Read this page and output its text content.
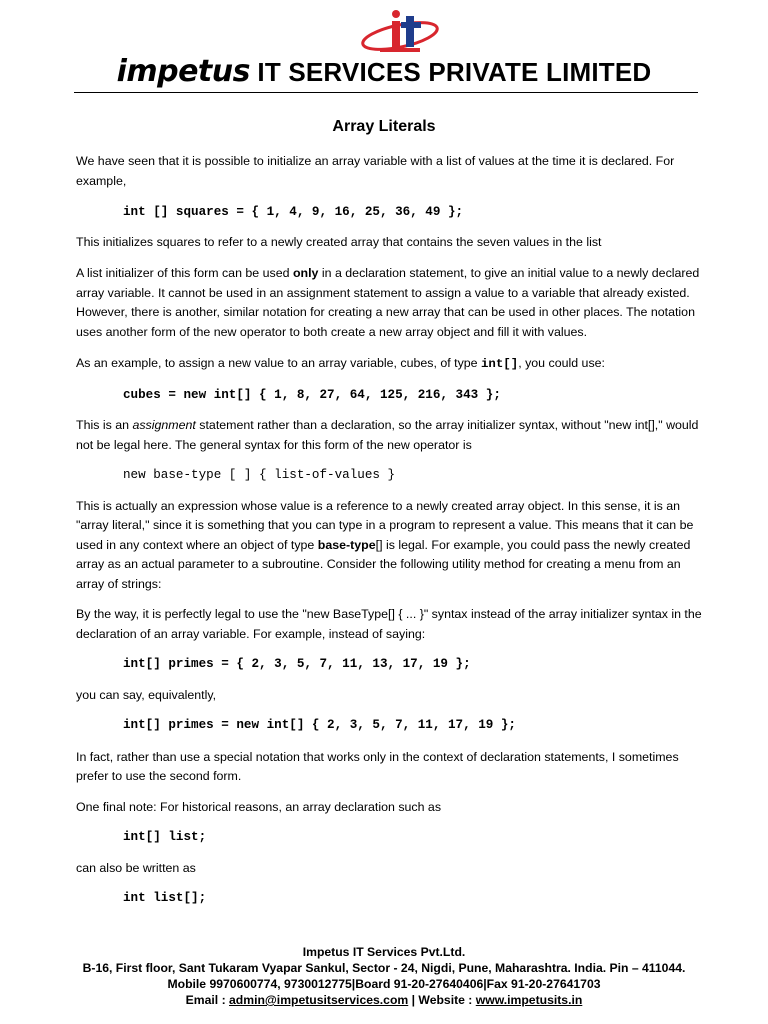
impetus IT SERVICES PRIVATE LIMITED
Array Literals

We have seen that it is possible to initialize an array variable with a list of values at the time it is declared. For example,

int [] squares = { 1, 4, 9, 16, 25, 36, 49 };

This initializes squares to refer to a newly created array that contains the seven values in the list

A list initializer of this form can be used only in a declaration statement, to give an initial value to a newly declared array variable. It cannot be used in an assignment statement to assign a value to a variable that already existed. However, there is another, similar notation for creating a new array that can be used in other places. The notation uses another form of the new operator to both create a new array object and fill it with values.

As an example, to assign a new value to an array variable, cubes, of type int[], you could use:

cubes = new int[] { 1, 8, 27, 64, 125, 216, 343 };

This is an assignment statement rather than a declaration, so the array initializer syntax, without "new int[]," would not be legal here. The general syntax for this form of the new operator is

new base-type [ ] { list-of-values }

This is actually an expression whose value is a reference to a newly created array object. In this sense, it is an "array literal," since it is something that you can type in a program to represent a value. This means that it can be used in any context where an object of type base-type[] is legal. For example, you could pass the newly created array as an actual parameter to a subroutine. Consider the following utility method for creating a menu from an array of strings:

By the way, it is perfectly legal to use the "new BaseType[] { ... }" syntax instead of the array initializer syntax in the declaration of an array variable. For example, instead of saying:

int[] primes = { 2, 3, 5, 7, 11, 13, 17, 19 };

you can say, equivalently,

int[] primes = new int[] { 2, 3, 5, 7, 11, 17, 19 };

In fact, rather than use a special notation that works only in the context of declaration statements, I sometimes prefer to use the second form.

One final note: For historical reasons, an array declaration such as

int[] list;

can also be written as

int list[];

Impetus IT Services Pvt.Ltd.
B-16, First floor, Sant Tukaram Vyapar Sankul, Sector - 24, Nigdi, Pune, Maharashtra. India. Pin – 411044.
Mobile 9970600774, 9730012775|Board 91-20-27640406|Fax 91-20-27641703
Email : admin@impetusitservices.com | Website : www.impetusits.in
